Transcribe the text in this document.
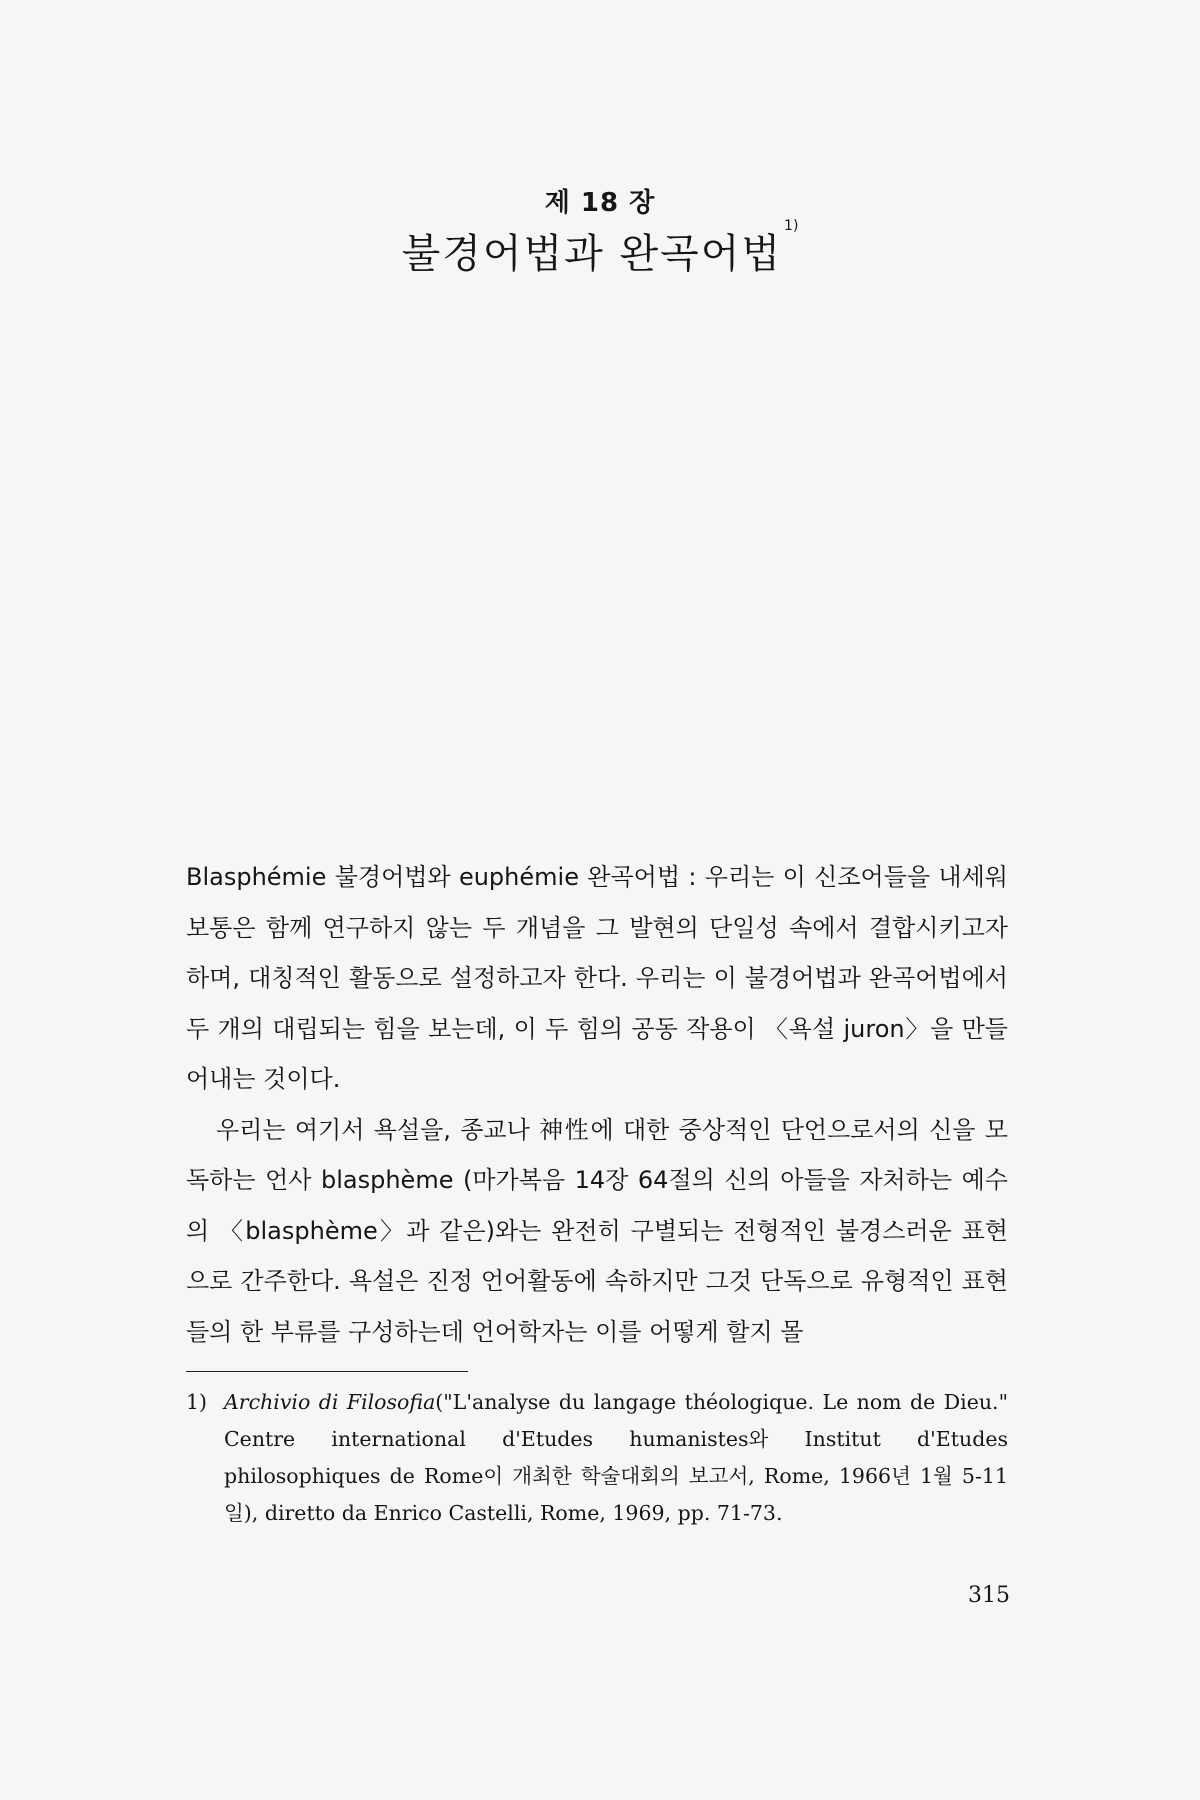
제 18 장
불경어법과 완곡어법$^{1)}$

Blasphémie 불경어법와 euphémie 완곡어법 : 우리는 이 신조어들을 내세워 보통은 함께 연구하지 않는 두 개념을 그 발현의 단일성 속에서 결합시키고자 하며, 대칭적인 활동으로 설정하고자 한다. 우리는 이 불경어법과 완곡어법에서 두 개의 대립되는 힘을 보는데, 이 두 힘의 공동 작용이 〈욕설 juron〉을 만들어내는 것이다.

우리는 여기서 욕설을, 종교나 神性에 대한 중상적인 단언으로서의 신을 모독하는 언사 blasphème (마가복음 14장 64절의 신의 아들을 자처하는 예수의 〈blasphème〉과 같은)와는 완전히 구별되는 전형적인 불경스러운 표현으로 간주한다. 욕설은 진정 언어활동에 속하지만 그것 단독으로 유형적인 표현들의 한 부류를 구성하는데 언어학자는 이를 어떻게 할지 몰

1) Archivio di Filosofia("L'analyse du langage théologique. Le nom de Dieu." Centre international d'Etudes humanistes와 Institut d'Etudes philosophiques de Rome이 개최한 학술대회의 보고서, Rome, 1966년 1월 5-11일), diretto da Enrico Castelli, Rome, 1969, pp. 71-73.
315
